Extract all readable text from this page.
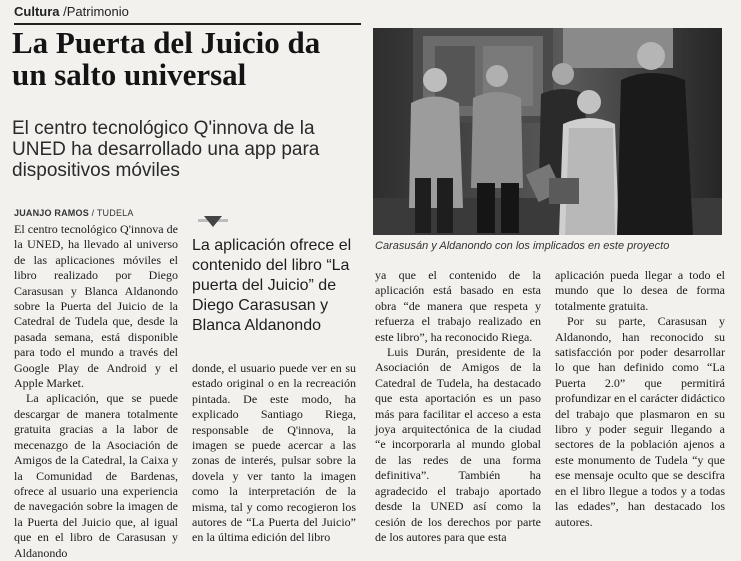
Cultura /Patrimonio
La Puerta del Juicio da
un salto universal
El centro tecnológico Q'innova de la UNED ha desarrollado una app para dispositivos móviles
JUANJO RAMOS / TUDELA

El centro tecnológico Q'innova de la UNED, ha llevado al universo de las aplicaciones móviles el libro realizado por Diego Carasusan y Blanca Aldanondo sobre la Puerta del Juicio de la Catedral de Tudela que, desde la pasada semana, está disponible para todo el mundo a través del Google Play de Android y el Apple Market.

La aplicación, que se puede descargar de manera totalmente gratuita gracias a la labor de mecenazgo de la Asociación de Amigos de la Catedral, la Caixa y la Comunidad de Bardenas, ofrece al usuario una experiencia de navegación sobre la imagen de la Puerta del Juicio que, al igual que en el libro de Carasusan y Aldanondo

La aplicación ofrece el contenido del libro “La puerta del Juicio” de Diego Carasusan y Blanca Aldanondo

donde, el usuario puede ver en su estado original o en la recreación pintada. De este modo, ha explicado Santiago Riega, responsable de Q'innova, la imagen se puede acercar a las zonas de interés, pulsar sobre la dovela y ver tanto la imagen como la interpretación de la misma, tal y como recogieron los autores de “La Puerta del Juicio” en la última edición del libro

Carasusán y Aldanondo con los implicados en este proyecto

ya que el contenido de la aplicación está basado en esta obra “de manera que respeta y refuerza el trabajo realizado en este libro”, ha reconocido Riega.

Luis Durán, presidente de la Asociación de Amigos de la Catedral de Tudela, ha destacado que esta aportación es un paso más para facilitar el acceso a esta joya arquitectónica de la ciudad “e incorporarla al mundo global de las redes de una forma definitiva”. También ha agradecido el trabajo aportado desde la UNED así como la cesión de los derechos por parte de los autores para que esta

aplicación pueda llegar a todo el mundo que lo desea de forma totalmente gratuita.

Por su parte, Carasusan y Aldanondo, han reconocido su satisfacción por poder desarrollar lo que han definido como “La Puerta 2.0” que permitirá profundizar en el carácter didáctico del trabajo que plasmaron en su libro y poder seguir llegando a sectores de la población ajenos a este monumento de Tudela “y que ese mensaje oculto que se descifra en el libro llegue a todos y a todas las edades”, han destacado los autores.
